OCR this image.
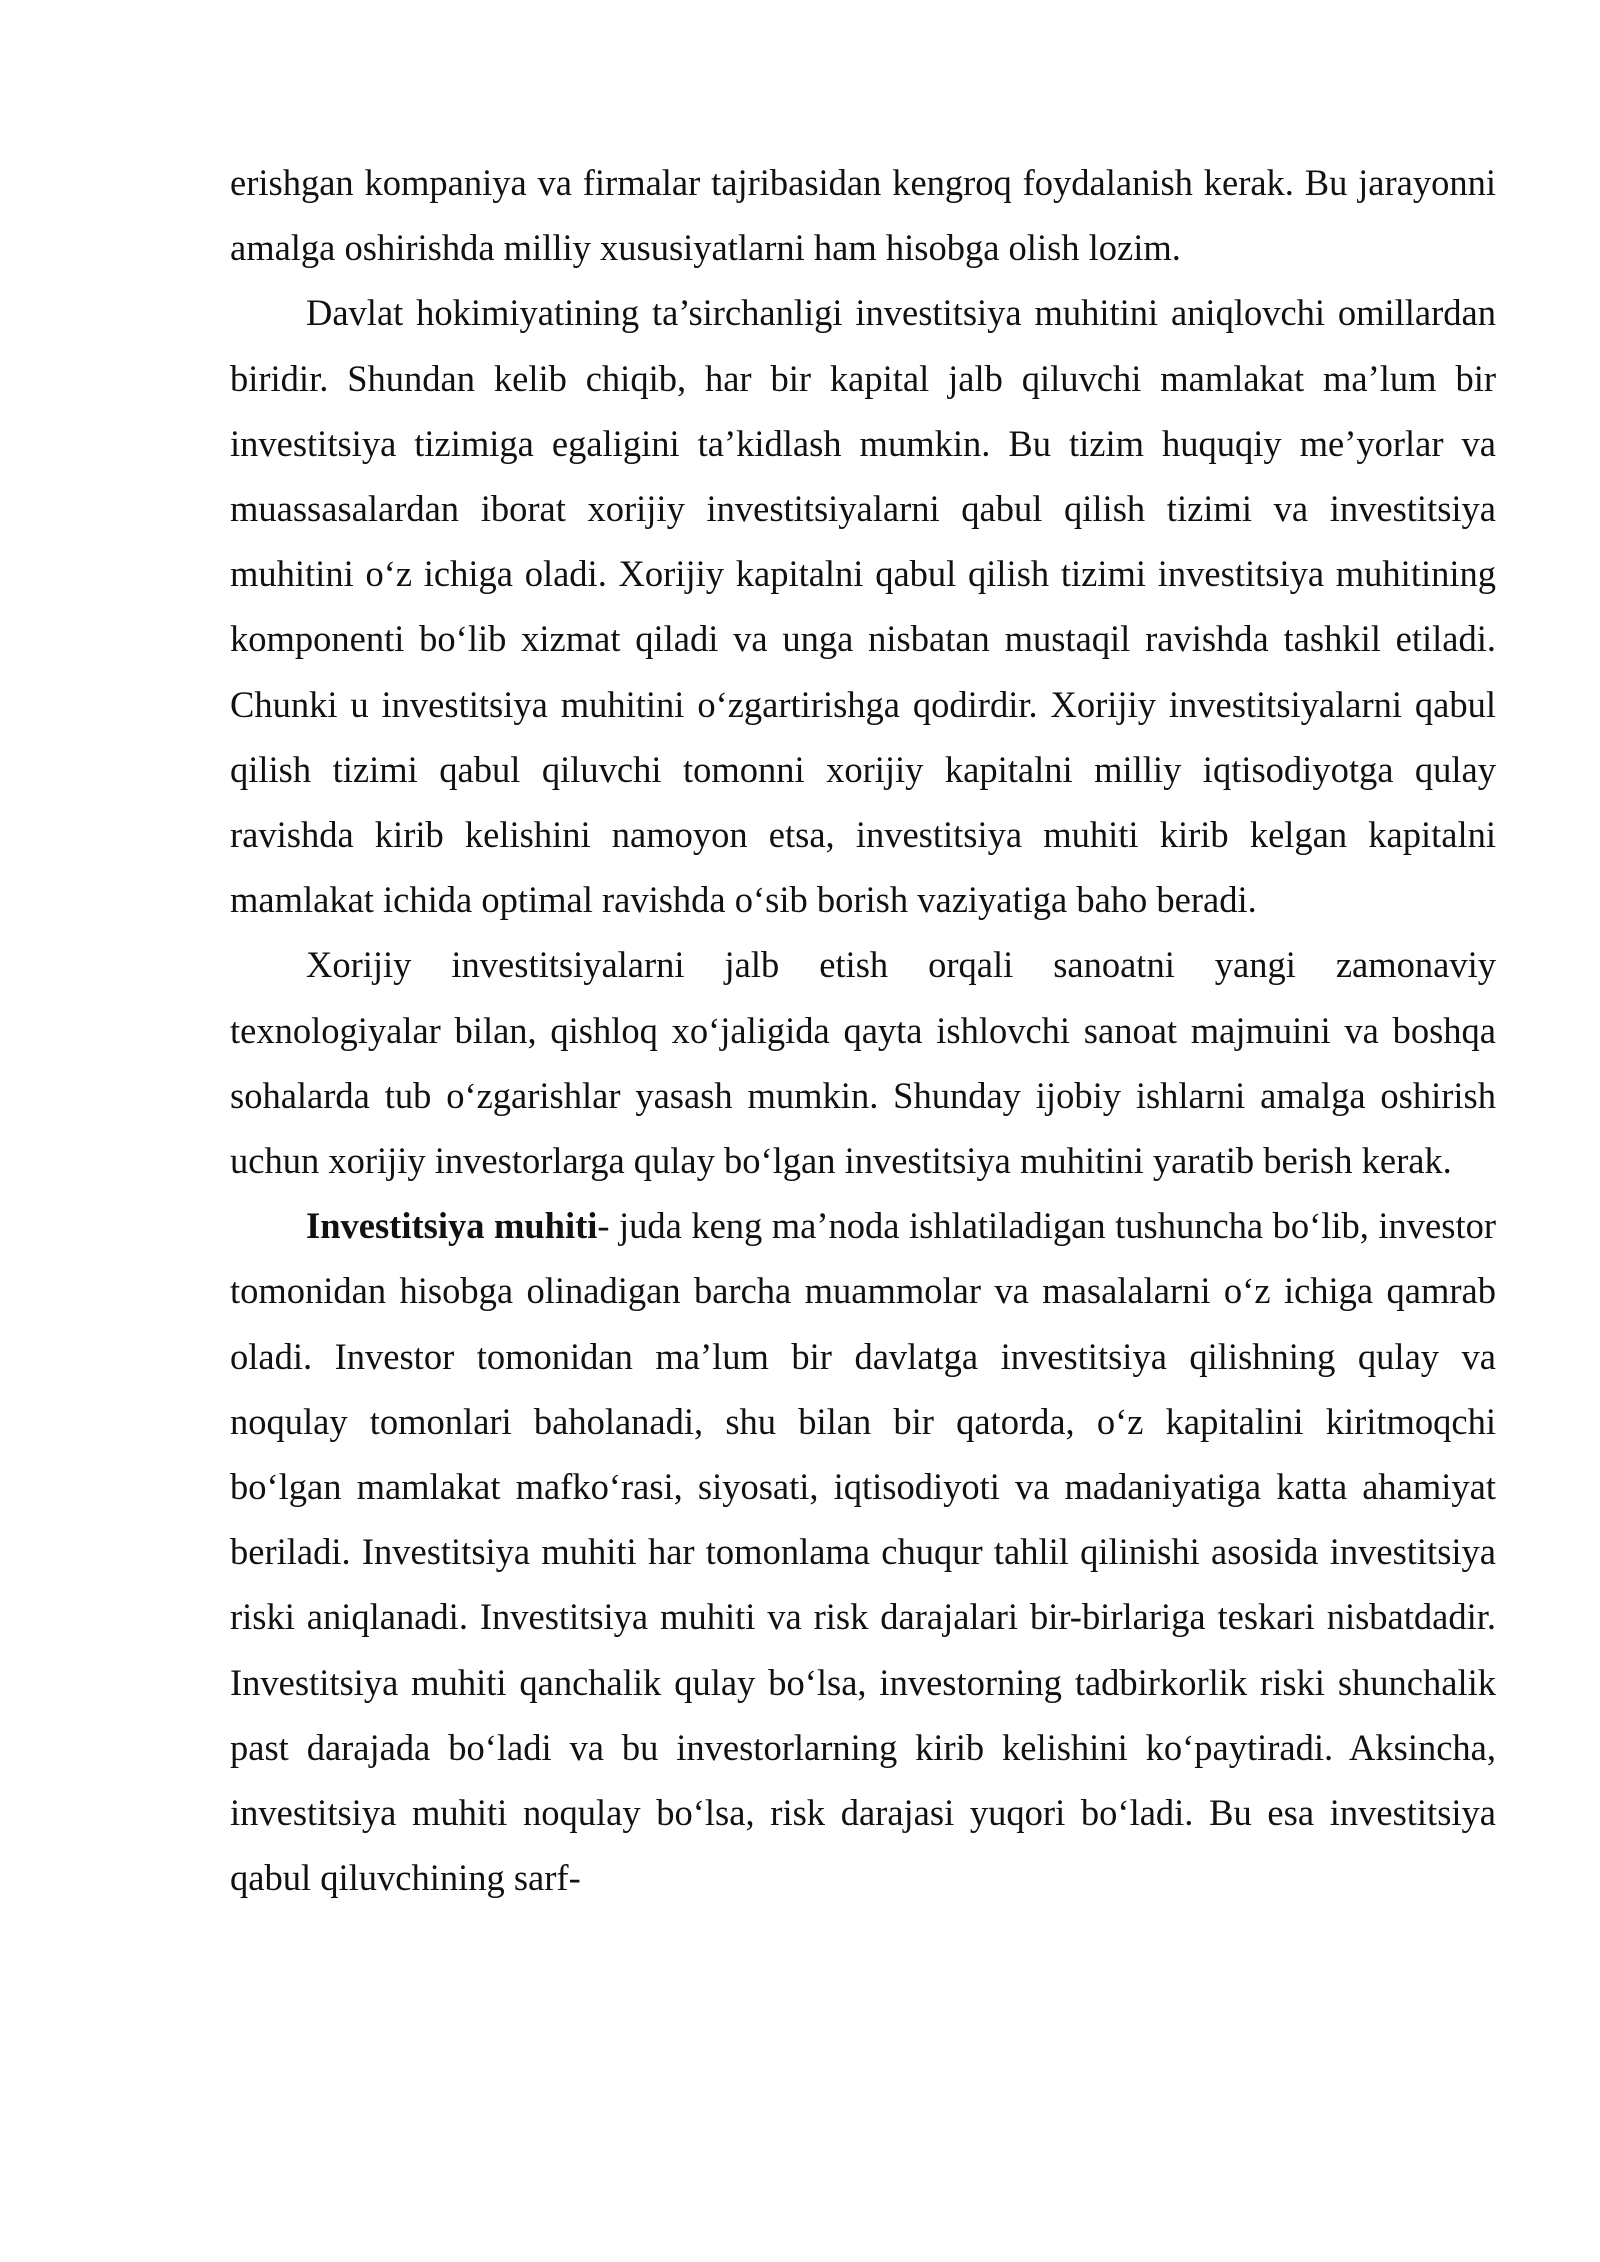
erishgan kompaniya va firmalar tajribasidan kengroq foydalanish kerak. Bu jarayonni amalga oshirishda milliy xususiyatlarni ham hisobga olish lozim.

Davlat hokimiyatining ta’sirchanligi investitsiya muhitini aniqlovchi omillardan biridir. Shundan kelib chiqib, har bir kapital jalb qiluvchi mamlakat ma’lum bir investitsiya tizimiga egaligini ta’kidlash mumkin. Bu tizim huquqiy me’yorlar va muassasalardan iborat xorijiy investitsiyalarni qabul qilish tizimi va investitsiya muhitini o‘z ichiga oladi. Xorijiy kapitalni qabul qilish tizimi investitsiya muhitining komponenti bo‘lib xizmat qiladi va unga nisbatan mustaqil ravishda tashkil etiladi. Chunki u investitsiya muhitini o‘zgartirishga qodirdir. Xorijiy investitsiyalarni qabul qilish tizimi qabul qiluvchi tomonni xorijiy kapitalni milliy iqtisodiyotga qulay ravishda kirib kelishini namoyon etsa, investitsiya muhiti kirib kelgan kapitalni mamlakat ichida optimal ravishda o‘sib borish vaziyatiga baho beradi.

Xorijiy investitsiyalarni jalb etish orqali sanoatni yangi zamonaviy texnologiyalar bilan, qishloq xo‘jaligida qayta ishlovchi sanoat majmuini va boshqa sohalarda tub o‘zgarishlar yasash mumkin. Shunday ijobiy ishlarni amalga oshirish uchun xorijiy investorlarga qulay bo‘lgan investitsiya muhitini yaratib berish kerak.

Investitsiya muhiti- juda keng ma’noda ishlatiladigan tushuncha bo‘lib, investor tomonidan hisobga olinadigan barcha muammolar va masalalarni o‘z ichiga qamrab oladi. Investor tomonidan ma’lum bir davlatga investitsiya qilishning qulay va noqulay tomonlari baholanadi, shu bilan bir qatorda, o‘z kapitalini kiritmoqchi bo‘lgan mamlakat mafko‘rasi, siyosati, iqtisodiyoti va madaniyatiga katta ahamiyat beriladi. Investitsiya muhiti har tomonlama chuqur tahlil qilinishi asosida investitsiya riski aniqlanadi. Investitsiya muhiti va risk darajalari bir-birlariga teskari nisbatdadir. Investitsiya muhiti qanchalik qulay bo‘lsa, investorning tadbirkorlik riski shunchalik past darajada bo‘ladi va bu investorlarning kirib kelishini ko‘paytiradi. Aksincha, investitsiya muhiti noqulay bo‘lsa, risk darajasi yuqori bo‘ladi. Bu esa investitsiya qabul qiluvchining sarf-
